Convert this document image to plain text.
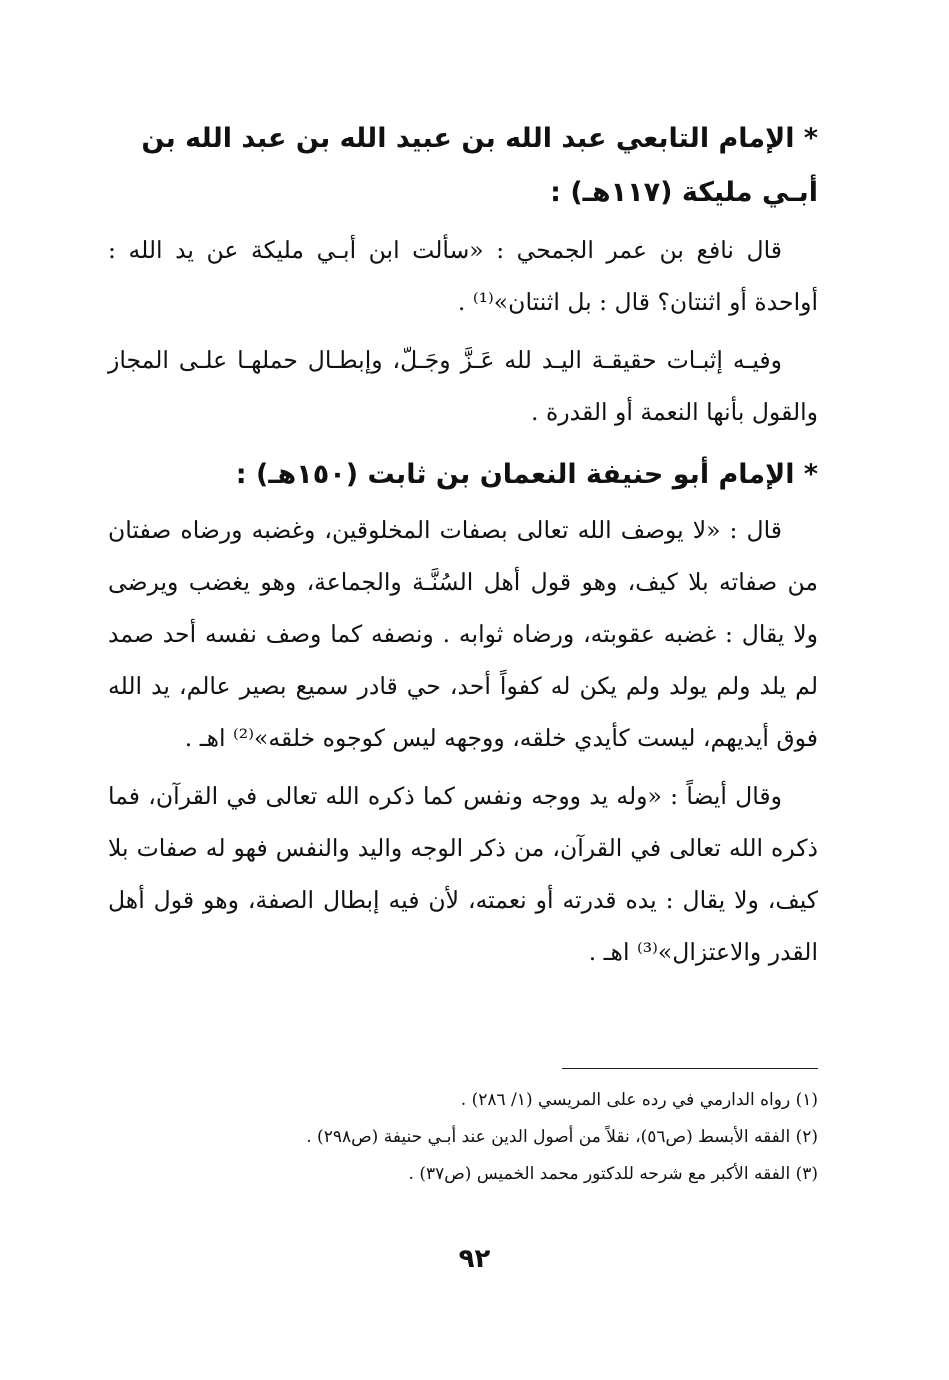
* الإمام التابعي عبد الله بن عبيد الله بن عبد الله بن أبـي مليكة (١١٧هـ) :

قال نافع بن عمر الجمحي : «سألت ابن أبـي مليكة عن يد الله : أواحدة أو اثنتان؟ قال : بل اثنتان»⁽¹⁾ .

وفيـه إثبـات حقيقـة اليـد لله عَـزَّ وجَـلّ، وإبطـال حملهـا علـى المجاز والقول بأنها النعمة أو القدرة .

* الإمام أبو حنيفة النعمان بن ثابت (١٥٠هـ) :

قال : «لا يوصف الله تعالى بصفات المخلوقين، وغضبه ورضاه صفتان من صفاته بلا كيف، وهو قول أهل السُنَّـة والجماعة، وهو يغضب ويرضى ولا يقال : غضبه عقوبته، ورضاه ثوابه . ونصفه كما وصف نفسه أحد صمد لم يلد ولم يولد ولم يكن له كفواً أحد، حي قادر سميع بصير عالم، يد الله فوق أيديهم، ليست كأيدي خلقه، ووجهه ليس كوجوه خلقه»⁽²⁾ اهـ .

وقال أيضاً : «وله يد ووجه ونفس كما ذكره الله تعالى في القرآن، فما ذكره الله تعالى في القرآن، من ذكر الوجه واليد والنفس فهو له صفات بلا كيف، ولا يقال : يده قدرته أو نعمته، لأن فيه إبطال الصفة، وهو قول أهل القدر والاعتزال»⁽³⁾ اهـ .

(١) رواه الدارمي في رده على المريسي (١/ ٢٨٦) .

(٢) الفقه الأبسط (ص٥٦)، نقلاً من أصول الدين عند أبـي حنيفة (ص٢٩٨) .

(٣) الفقه الأكبر مع شرحه للدكتور محمد الخميس (ص٣٧) .

٩٢
